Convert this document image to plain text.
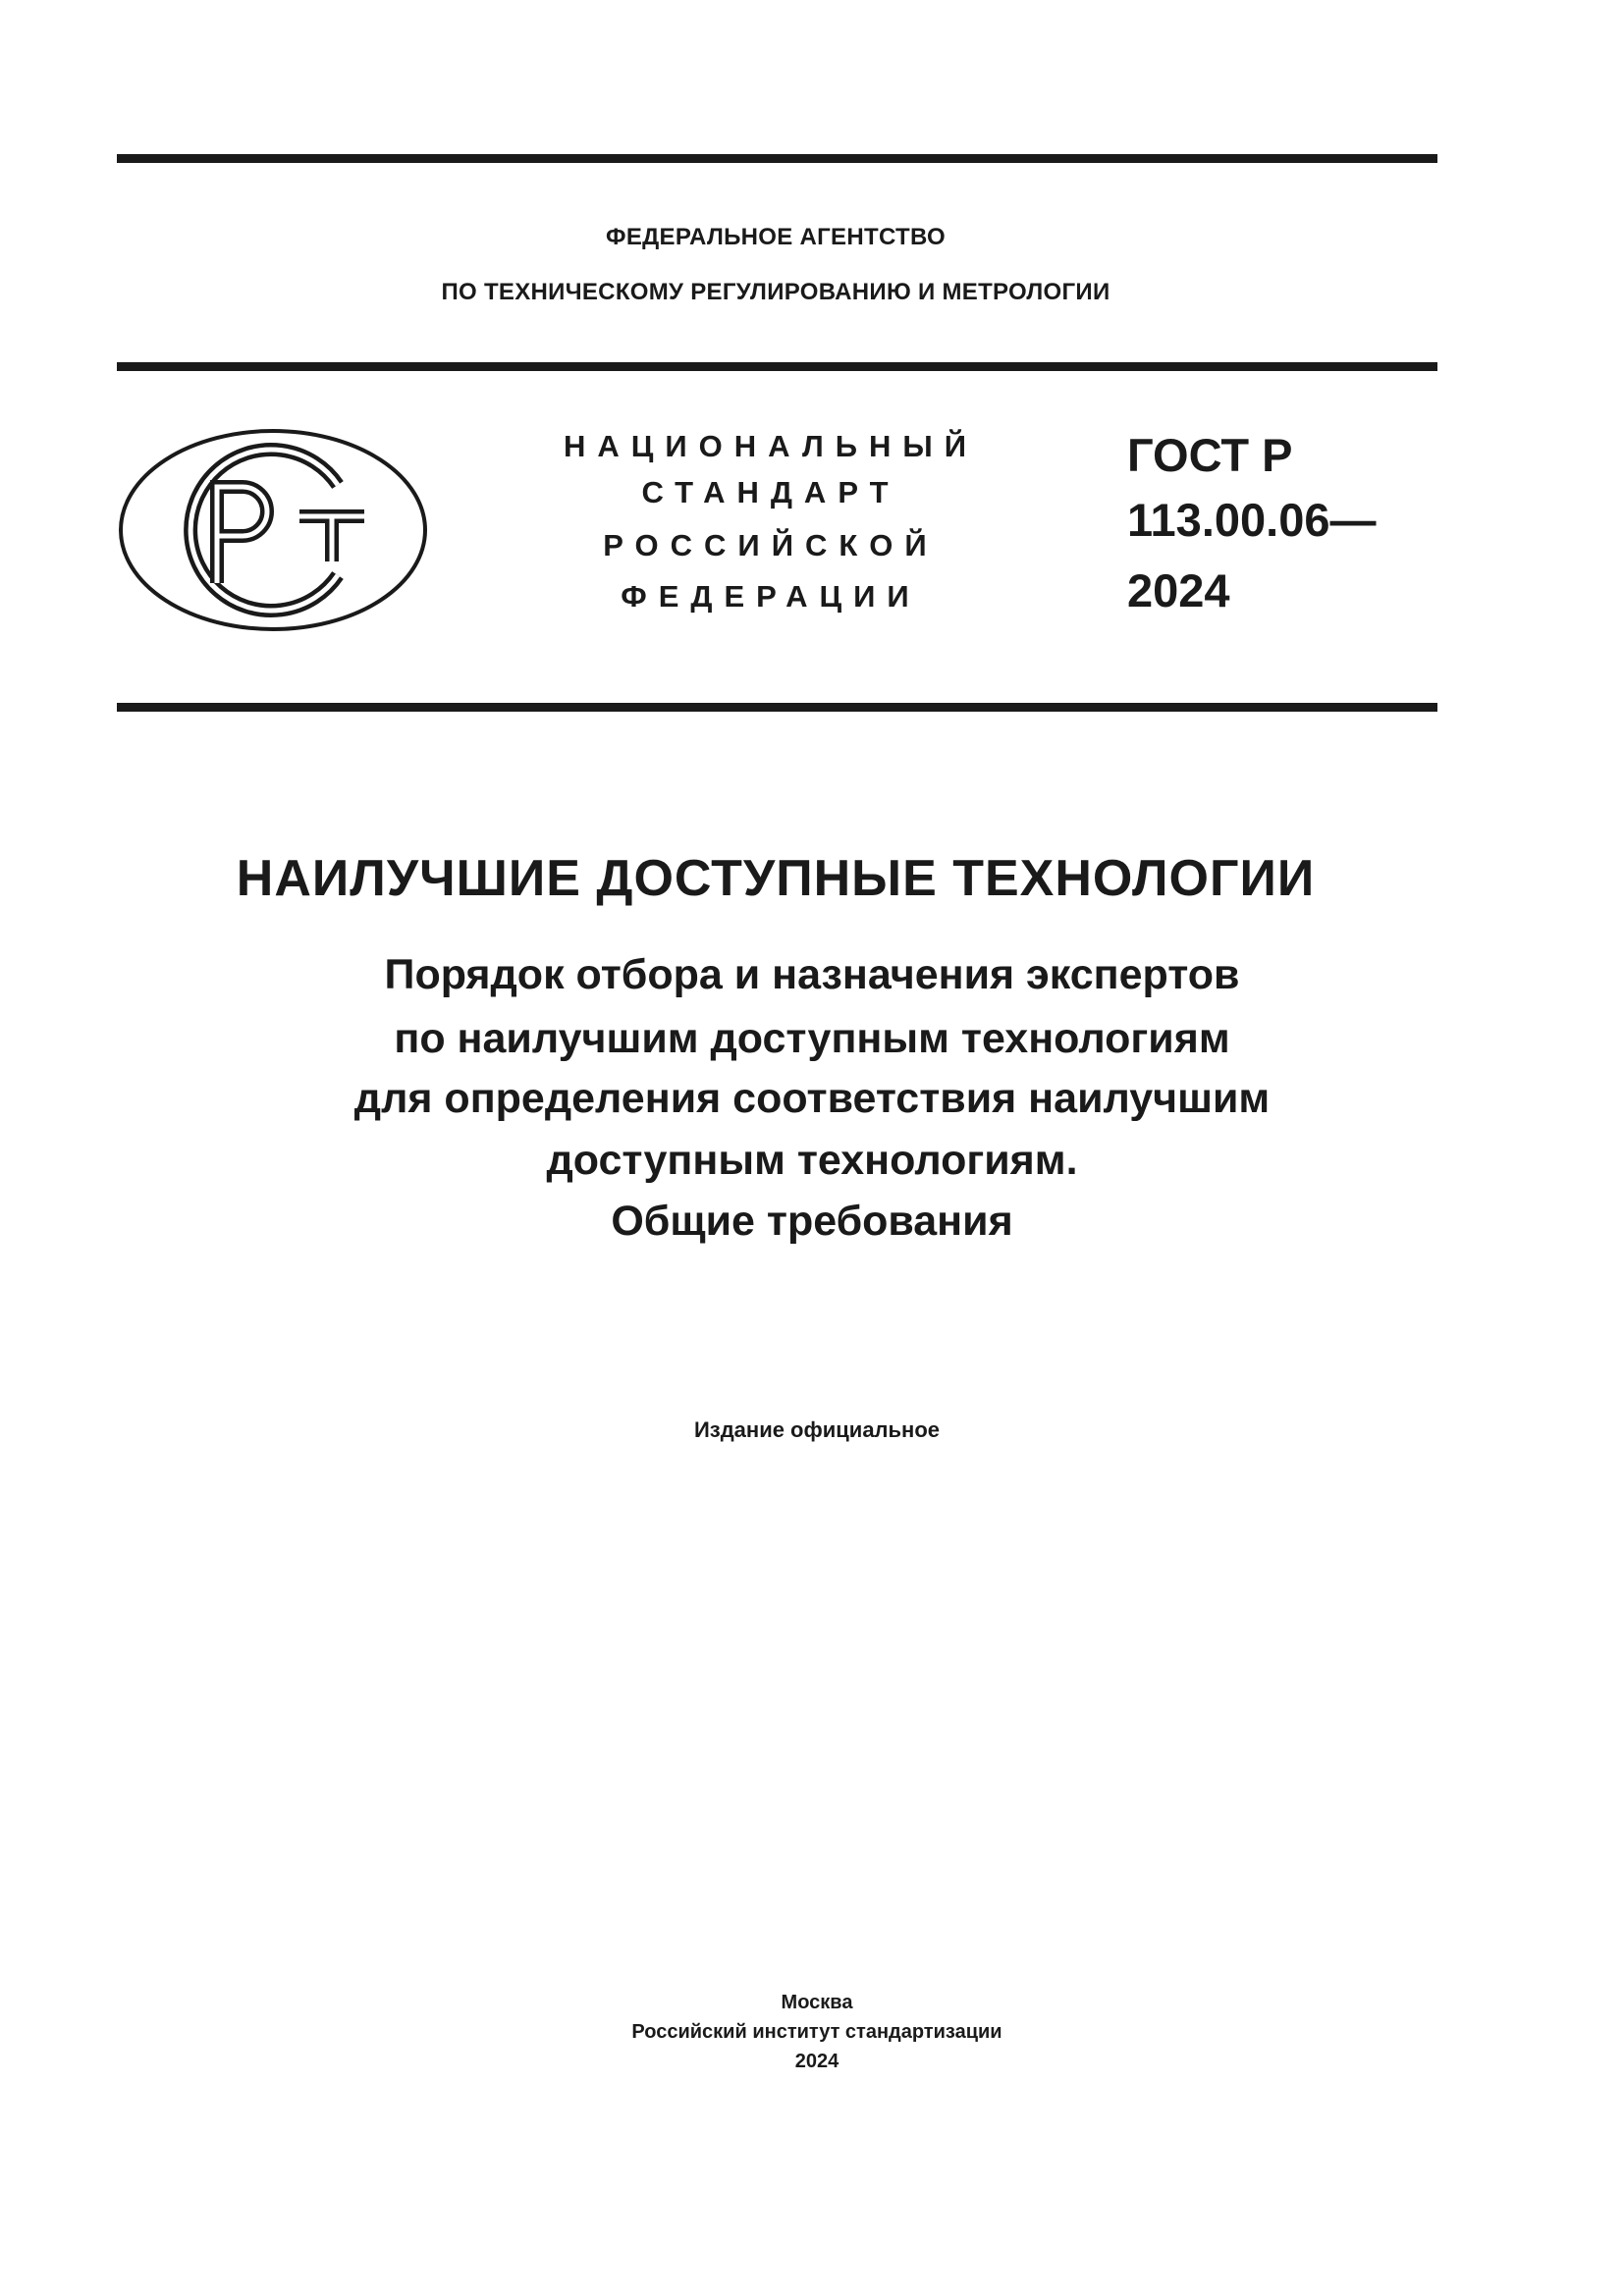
ФЕДЕРАЛЬНОЕ АГЕНТСТВО
ПО ТЕХНИЧЕСКОМУ РЕГУЛИРОВАНИЮ И МЕТРОЛОГИИ
НАЦИОНАЛЬНЫЙ
СТАНДАРТ
РОССИЙСКОЙ
ФЕДЕРАЦИИ
ГОСТ Р
113.00.06—
2024
НАИЛУЧШИЕ ДОСТУПНЫЕ ТЕХНОЛОГИИ
Порядок отбора и назначения экспертов
по наилучшим доступным технологиям
для определения соответствия наилучшим
доступным технологиям.
Общие требования
Издание официальное
Москва
Российский институт стандартизации
2024
